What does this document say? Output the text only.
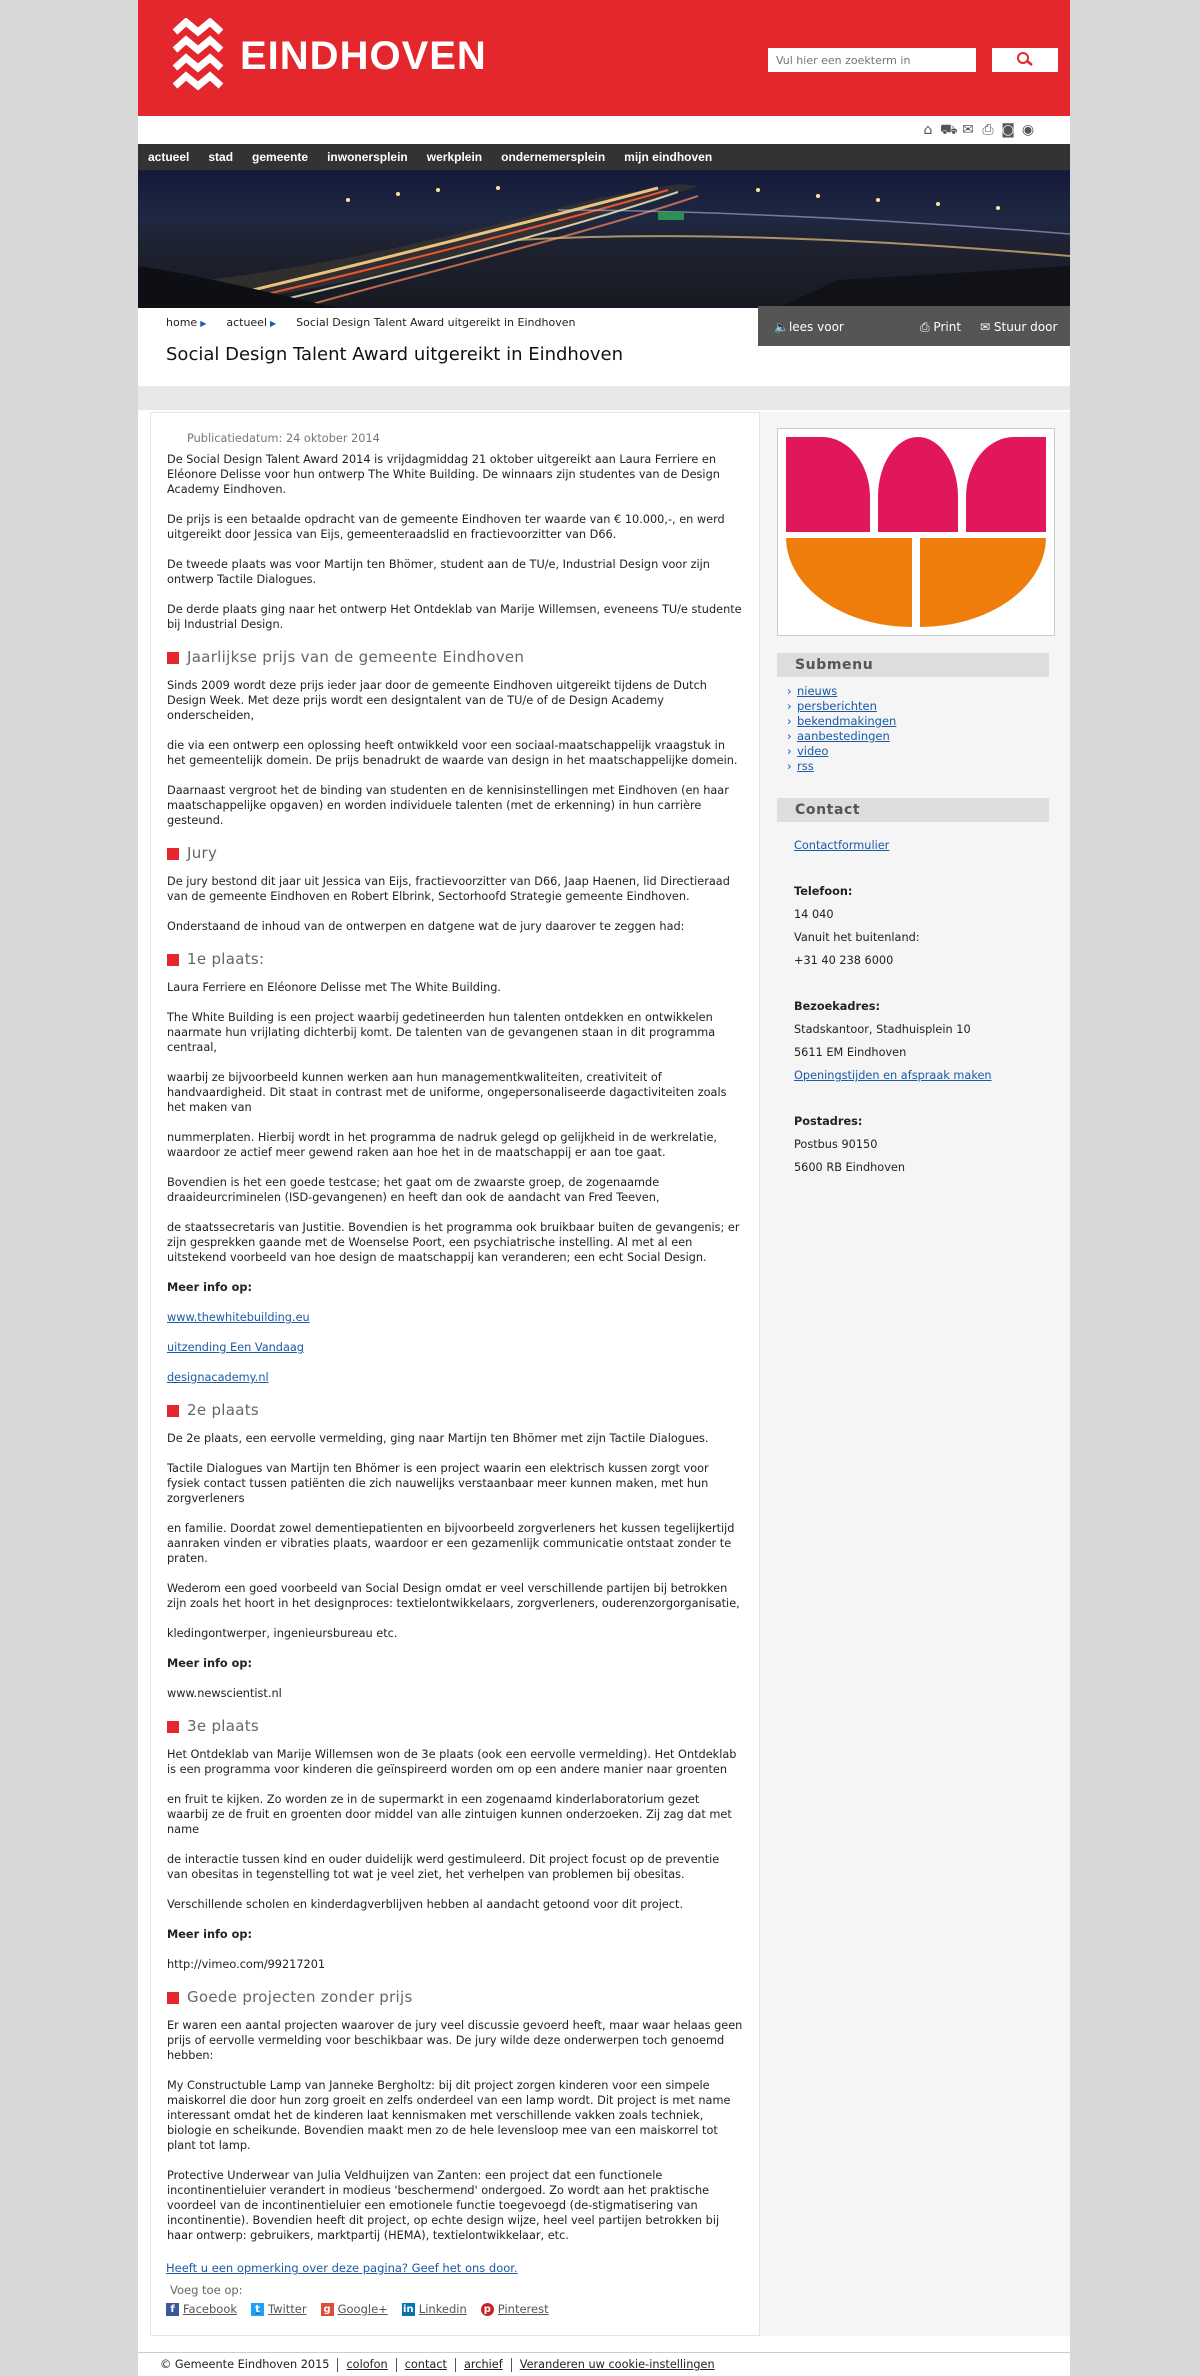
EINDHOVEN
Vul hier een zoekterm in
⌂ ⛟ ✉ ⎙ ◙ ◉
actueel stad gemeente inwonersplein werkplein ondernemersplein mijn eindhoven
home ▶ actueel ▶ Social Design Talent Award uitgereikt in Eindhoven
Social Design Talent Award uitgereikt in Eindhoven
🔈lees voor	⎙ Print ✉ Stuur door
Publicatiedatum: 24 oktober 2014

De Social Design Talent Award 2014 is vrijdagmiddag 21 oktober uitgereikt aan Laura Ferriere en Eléonore Delisse voor hun ontwerp The White Building. De winnaars zijn studentes van de Design Academy Eindhoven.

De prijs is een betaalde opdracht van de gemeente Eindhoven ter waarde van € 10.000,-, en werd uitgereikt door Jessica van Eijs, gemeenteraadslid en fractievoorzitter van D66.

De tweede plaats was voor Martijn ten Bhömer, student aan de TU/e, Industrial Design voor zijn ontwerp Tactile Dialogues.

De derde plaats ging naar het ontwerp Het Ontdeklab van Marije Willemsen, eveneens TU/e studente bij Industrial Design.

Jaarlijkse prijs van de gemeente Eindhoven

Sinds 2009 wordt deze prijs ieder jaar door de gemeente Eindhoven uitgereikt tijdens de Dutch Design Week. Met deze prijs wordt een designtalent van de TU/e of de Design Academy onderscheiden,

die via een ontwerp een oplossing heeft ontwikkeld voor een sociaal-maatschappelijk vraagstuk in het gemeentelijk domein. De prijs benadrukt de waarde van design in het maatschappelijke domein.

Daarnaast vergroot het de binding van studenten en de kennisinstellingen met Eindhoven (en haar maatschappelijke opgaven) en worden individuele talenten (met de erkenning) in hun carrière gesteund.

Jury

De jury bestond dit jaar uit Jessica van Eijs, fractievoorzitter van D66, Jaap Haenen, lid Directieraad van de gemeente Eindhoven en Robert Elbrink, Sectorhoofd Strategie gemeente Eindhoven.

Onderstaand de inhoud van de ontwerpen en datgene wat de jury daarover te zeggen had:

1e plaats:

Laura Ferriere en Eléonore Delisse met The White Building.

The White Building is een project waarbij gedetineerden hun talenten ontdekken en ontwikkelen naarmate hun vrijlating dichterbij komt. De talenten van de gevangenen staan in dit programma centraal,

waarbij ze bijvoorbeeld kunnen werken aan hun managementkwaliteiten, creativiteit of handvaardigheid. Dit staat in contrast met de uniforme, ongepersonaliseerde dagactiviteiten zoals het maken van

nummerplaten. Hierbij wordt in het programma de nadruk gelegd op gelijkheid in de werkrelatie, waardoor ze actief meer gewend raken aan hoe het in de maatschappij er aan toe gaat.

Bovendien is het een goede testcase; het gaat om de zwaarste groep, de zogenaamde draaideurcriminelen (ISD-gevangenen) en heeft dan ook de aandacht van Fred Teeven,

de staatssecretaris van Justitie. Bovendien is het programma ook bruikbaar buiten de gevangenis; er zijn gesprekken gaande met de Woenselse Poort, een psychiatrische instelling. Al met al een uitstekend voorbeeld van hoe design de maatschappij kan veranderen; een echt Social Design.

Meer info op:

www.thewhitebuilding.eu

uitzending Een Vandaag

designacademy.nl

2e plaats

De 2e plaats, een eervolle vermelding, ging naar Martijn ten Bhömer met zijn Tactile Dialogues.

Tactile Dialogues van Martijn ten Bhömer is een project waarin een elektrisch kussen zorgt voor fysiek contact tussen patiënten die zich nauwelijks verstaanbaar meer kunnen maken, met hun zorgverleners

en familie. Doordat zowel dementiepatienten en bijvoorbeeld zorgverleners het kussen tegelijkertijd aanraken vinden er vibraties plaats, waardoor er een gezamenlijk communicatie ontstaat zonder te praten.

Wederom een goed voorbeeld van Social Design omdat er veel verschillende partijen bij betrokken zijn zoals het hoort in het designproces: textielontwikkelaars, zorgverleners, ouderenzorgorganisatie,

kledingontwerper, ingenieursbureau etc.

Meer info op:

www.newscientist.nl

3e plaats

Het Ontdeklab van Marije Willemsen won de 3e plaats (ook een eervolle vermelding). Het Ontdeklab is een programma voor kinderen die geïnspireerd worden om op een andere manier naar groenten

en fruit te kijken. Zo worden ze in de supermarkt in een zogenaamd kinderlaboratorium gezet waarbij ze de fruit en groenten door middel van alle zintuigen kunnen onderzoeken. Zij zag dat met name

de interactie tussen kind en ouder duidelijk werd gestimuleerd. Dit project focust op de preventie van obesitas in tegenstelling tot wat je veel ziet, het verhelpen van problemen bij obesitas.

Verschillende scholen en kinderdagverblijven hebben al aandacht getoond voor dit project.

Meer info op:

http://vimeo.com/99217201

Goede projecten zonder prijs

Er waren een aantal projecten waarover de jury veel discussie gevoerd heeft, maar waar helaas geen prijs of eervolle vermelding voor beschikbaar was. De jury wilde deze onderwerpen toch genoemd hebben:

My Constructuble Lamp van Janneke Bergholtz: bij dit project zorgen kinderen voor een simpele maiskorrel die door hun zorg groeit en zelfs onderdeel van een lamp wordt. Dit project is met name interessant omdat het de kinderen laat kennismaken met verschillende vakken zoals techniek, biologie en scheikunde. Bovendien maakt men zo de hele levensloop mee van een maiskorrel tot plant tot lamp.

Protective Underwear van Julia Veldhuijzen van Zanten: een project dat een functionele incontinentieluier verandert in modieus 'beschermend' ondergoed. Zo wordt aan het praktische voordeel van de incontinentieluier een emotionele functie toegevoegd (de-stigmatisering van incontinentie). Bovendien heeft dit project, op echte design wijze, heel veel partijen betrokken bij haar ontwerp: gebruikers, marktpartij (HEMA), textielontwikkelaar, etc.

Heeft u een opmerking over deze pagina? Geef het ons door.
Voeg toe op:
f Facebook	t Twitter g Google+ in Linkedin p Pinterest
Submenu
› nieuws
› persberichten
› bekendmakingen
› aanbestedingen
› video
› rss
Contact
Contactformulier
Telefoon:
14 040
Vanuit het buitenland:
+31 40 238 6000
Bezoekadres:
Stadskantoor, Stadhuisplein 10
5611 EM Eindhoven
Openingstijden en afspraak maken
Postadres:
Postbus 90150
5600 RB Eindhoven
© Gemeente Eindhoven 2015 colofon contact archief Veranderen uw cookie-instellingen
